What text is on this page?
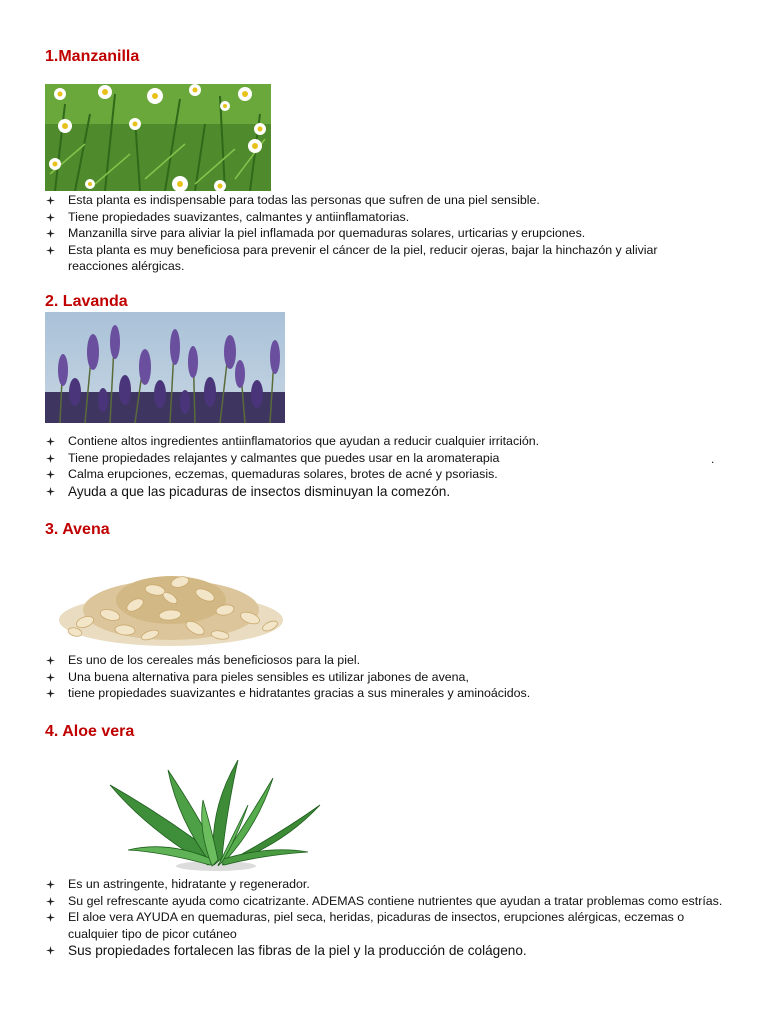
1.Manzanilla
Esta planta es indispensable para todas las personas que sufren de una piel sensible.
Tiene propiedades suavizantes, calmantes y antiinflamatorias.
Manzanilla sirve para aliviar la piel inflamada por quemaduras solares, urticarias y erupciones.
Esta planta es muy beneficiosa para prevenir el cáncer de la piel, reducir ojeras, bajar la hinchazón y aliviar reacciones alérgicas.
2. Lavanda
Contiene altos ingredientes antiinflamatorios que ayudan a reducir cualquier irritación.
Tiene propiedades relajantes y calmantes que puedes usar en la aromaterapia
Calma erupciones, eczemas, quemaduras solares, brotes de acné y psoriasis.
Ayuda a que las picaduras de insectos disminuyan la comezón.
.
3. Avena
Es uno de los cereales más beneficiosos para la piel.
Una buena alternativa para pieles sensibles es utilizar jabones de avena,
tiene propiedades suavizantes e hidratantes gracias a sus minerales y aminoácidos.
4. Aloe vera
Es un astringente, hidratante y regenerador.
Su gel refrescante ayuda como cicatrizante. ADEMAS contiene nutrientes que ayudan a tratar problemas como estrías.
El aloe vera AYUDA en quemaduras, piel seca, heridas, picaduras de insectos, erupciones alérgicas, eczemas o cualquier tipo de picor cutáneo
Sus propiedades fortalecen las fibras de la piel y la producción de colágeno.
